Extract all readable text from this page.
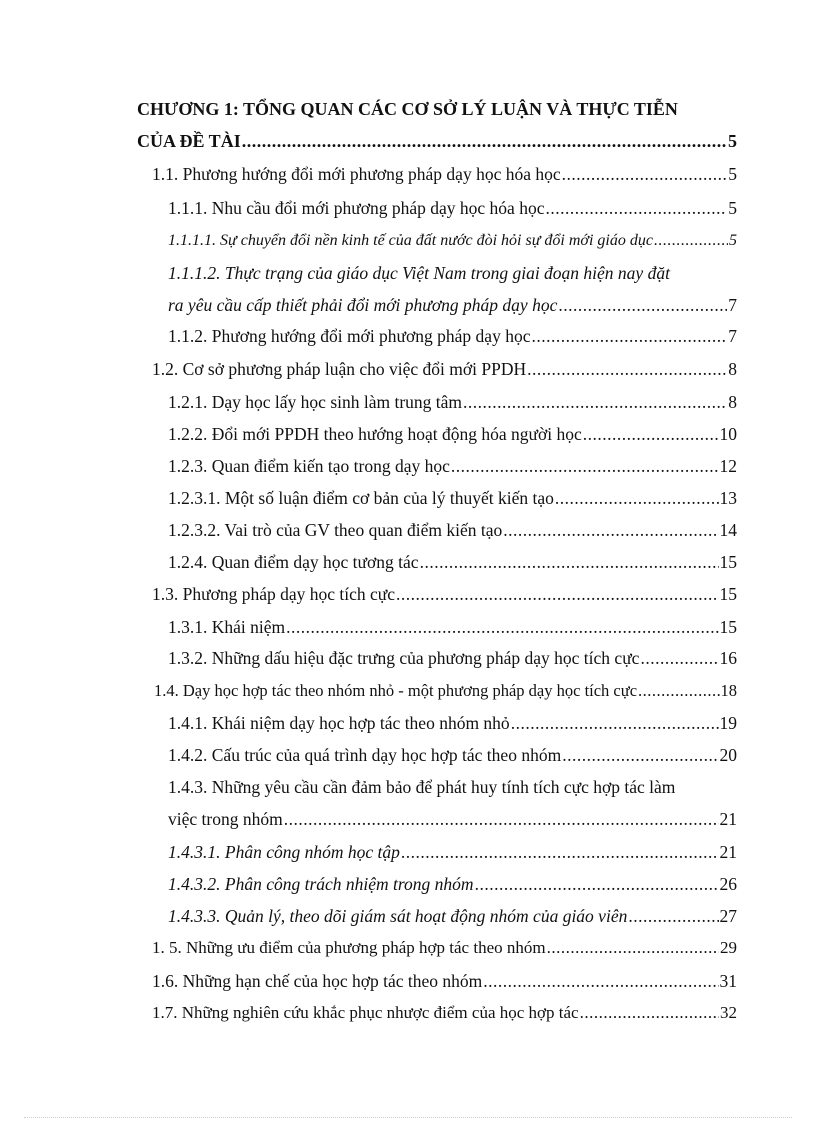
CHƯƠNG 1: TỔNG QUAN CÁC CƠ SỞ LÝ LUẬN VÀ THỰC TIỄN
CỦA ĐỀ TÀI .....	5
1.1. Phương hướng đổi mới phương pháp dạy học hóa học .....	5
1.1.1. Nhu cầu đổi mới phương pháp dạy học hóa học .....	5
1.1.1.1. Sự chuyển đổi nền kinh tế của đất nước đòi hỏi sự đổi mới giáo dục .....	5
1.1.1.2. Thực trạng của giáo dục Việt Nam trong giai đoạn hiện nay đặt
ra yêu cầu cấp thiết phải đổi mới phương pháp dạy học .....	7
1.1.2. Phương hướng đổi mới phương pháp dạy học .....	7
1.2. Cơ sở phương pháp luận cho việc đổi mới PPDH .....	8
1.2.1. Dạy học lấy học sinh làm trung tâm .....	8
1.2.2. Đổi mới PPDH theo hướng hoạt động hóa người học .....	10
1.2.3. Quan điểm kiến tạo trong dạy học .....	12
1.2.3.1. Một số luận điểm cơ bản của lý thuyết kiến tạo .....	13
1.2.3.2. Vai trò của GV theo quan điểm kiến tạo .....	14
1.2.4. Quan điểm dạy học tương tác .....	15
1.3. Phương pháp dạy học tích cực .....	15
1.3.1. Khái niệm .....	15
1.3.2. Những dấu hiệu đặc trưng của phương pháp dạy học tích cực .....	16
1.4. Dạy học hợp tác theo nhóm nhỏ - một phương pháp dạy học tích cực .....	18
1.4.1. Khái niệm dạy học hợp tác theo nhóm nhỏ .....	19
1.4.2. Cấu trúc của quá trình dạy học hợp tác theo nhóm .....	20
1.4.3. Những yêu cầu cần đảm bảo để phát huy tính tích cực hợp tác làm
việc trong nhóm .....	21
1.4.3.1. Phân công nhóm học tập .....	21
1.4.3.2. Phân công trách nhiệm trong nhóm .....	26
1.4.3.3. Quản lý, theo dõi giám sát hoạt động nhóm của giáo viên .....	27
1. 5. Những ưu điểm của phương pháp hợp tác theo nhóm .....	29
1.6. Những hạn chế của học hợp tác theo nhóm .....	31
1.7. Những nghiên cứu khắc phục nhược điểm của học hợp tác .....	32
